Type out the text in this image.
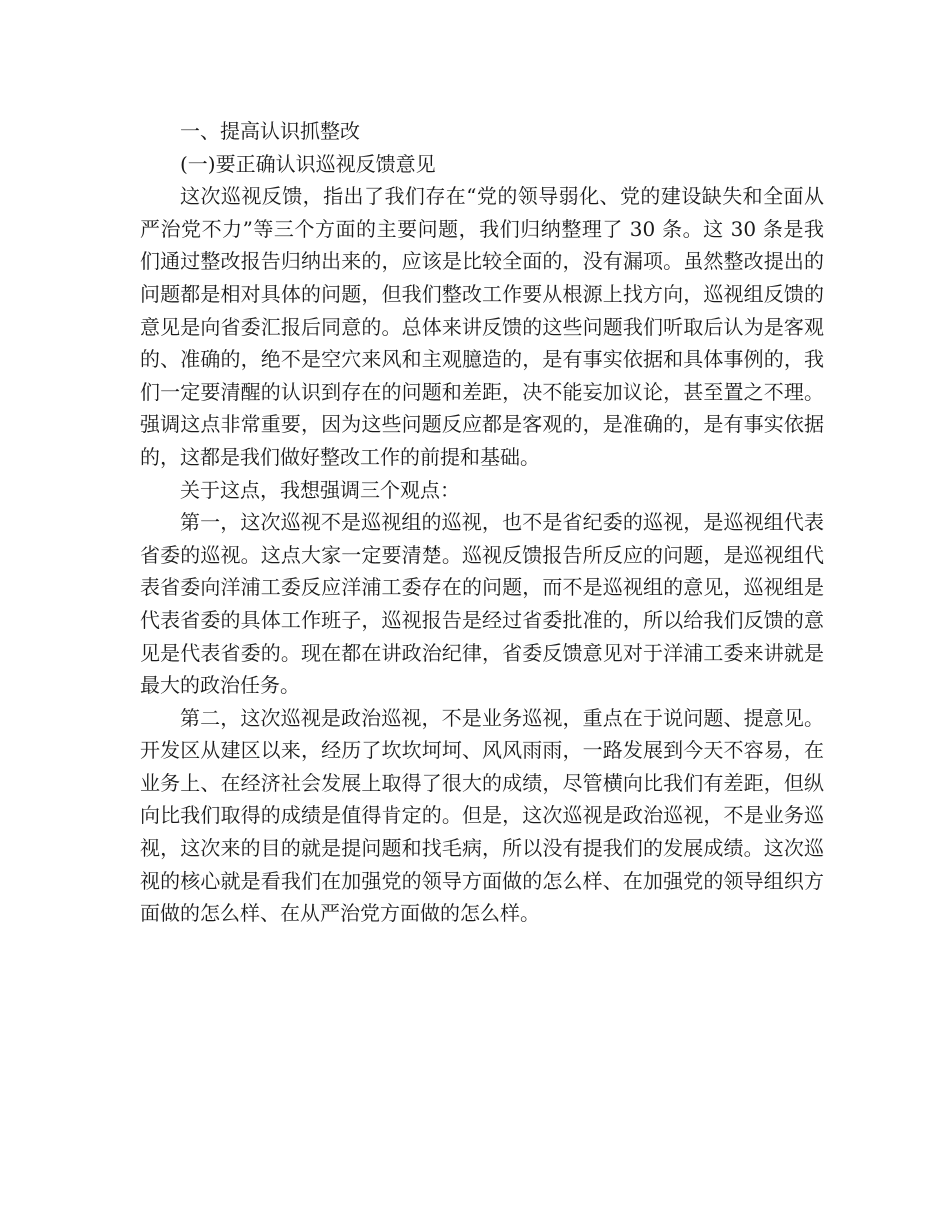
一、提高认识抓整改
(一)要正确认识巡视反馈意见

这次巡视反馈，指出了我们存在“党的领导弱化、党的建设缺失和全面从严治党不力”等三个方面的主要问题，我们归纳整理了 30 条。这 30 条是我们通过整改报告归纳出来的，应该是比较全面的，没有漏项。虽然整改提出的问题都是相对具体的问题，但我们整改工作要从根源上找方向，巡视组反馈的意见是向省委汇报后同意的。总体来讲反馈的这些问题我们听取后认为是客观的、准确的，绝不是空穴来风和主观臆造的，是有事实依据和具体事例的，我们一定要清醒的认识到存在的问题和差距，决不能妄加议论，甚至置之不理。强调这点非常重要，因为这些问题反应都是客观的，是准确的，是有事实依据的，这都是我们做好整改工作的前提和基础。

关于这点，我想强调三个观点：

第一，这次巡视不是巡视组的巡视，也不是省纪委的巡视，是巡视组代表省委的巡视。这点大家一定要清楚。巡视反馈报告所反应的问题，是巡视组代表省委向洋浦工委反应洋浦工委存在的问题，而不是巡视组的意见，巡视组是代表省委的具体工作班子，巡视报告是经过省委批准的，所以给我们反馈的意见是代表省委的。现在都在讲政治纪律，省委反馈意见对于洋浦工委来讲就是最大的政治任务。

第二，这次巡视是政治巡视，不是业务巡视，重点在于说问题、提意见。开发区从建区以来，经历了坎坎坷坷、风风雨雨，一路发展到今天不容易，在业务上、在经济社会发展上取得了很大的成绩，尽管横向比我们有差距，但纵向比我们取得的成绩是值得肯定的。但是，这次巡视是政治巡视，不是业务巡视，这次来的目的就是提问题和找毛病，所以没有提我们的发展成绩。这次巡视的核心就是看我们在加强党的领导方面做的怎么样、在加强党的领导组织方面做的怎么样、在从严治党方面做的怎么样。
